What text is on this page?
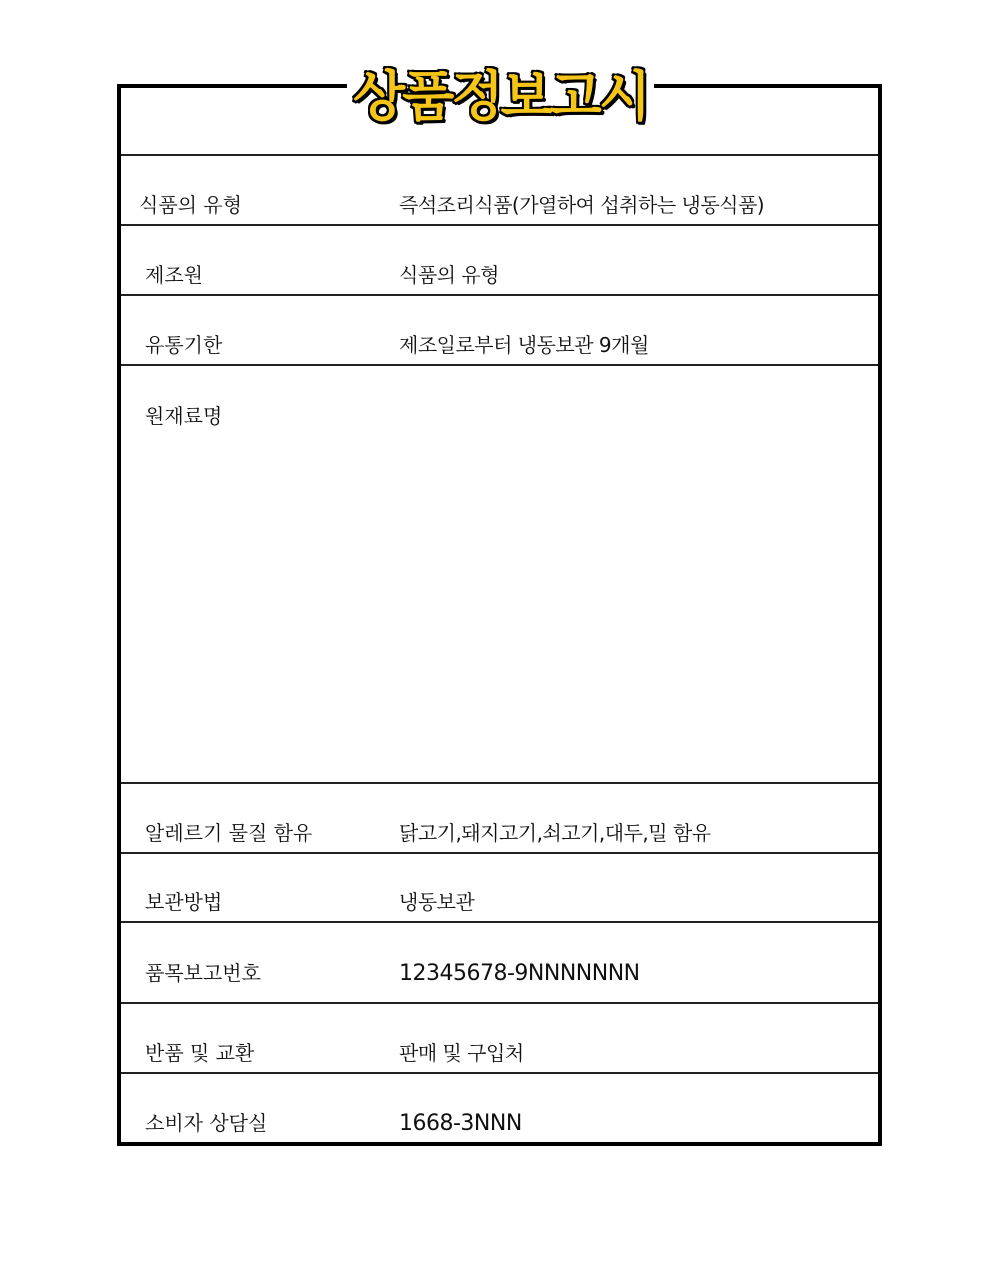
상품정보고시
식품의 유형	즉석조리식품(가열하여 섭취하는 냉동식품)
제조원	식품의 유형
유통기한	제조일로부터 냉동보관 9개월
원재료명
알레르기 물질 함유	닭고기,돼지고기,쇠고기,대두,밀 함유
보관방법	냉동보관
품목보고번호	12345678-9NNNNNNN
반품 및 교환	판매 및 구입처
소비자 상담실	1668-3NNN
